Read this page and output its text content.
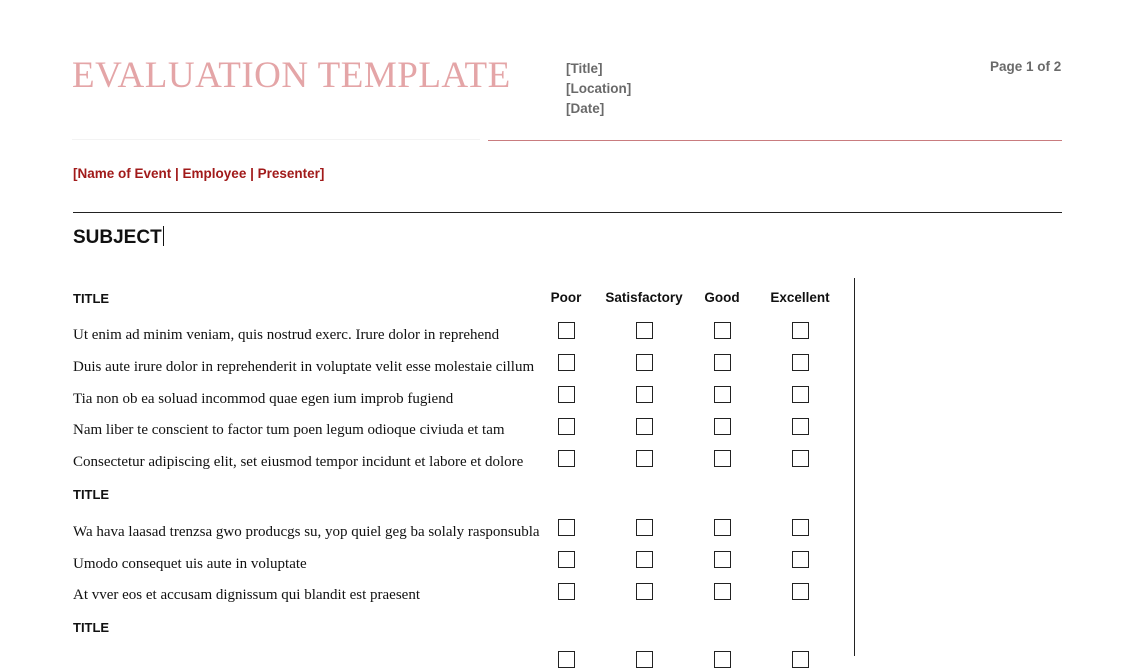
EVALUATION TEMPLATE	[Title]
[Location]
[Date]
Page 1 of 2
[Name of Event | Employee | Presenter]
SUBJECT
Poor Satisfactory Good Excellent
TITLE
Ut enim ad minim veniam, quis nostrud exerc. Irure dolor in reprehend
Duis aute irure dolor in reprehenderit in voluptate velit esse molestaie cillum
Tia non ob ea soluad incommod quae egen ium improb fugiend
Nam liber te conscient to factor tum poen legum odioque civiuda et tam
Consectetur adipiscing elit, set eiusmod tempor incidunt et labore et dolore
TITLE
Wa hava laasad trenzsa gwo producgs su, yop quiel geg ba solaly rasponsubla
Umodo consequet uis aute in voluptate
At vver eos et accusam dignissum qui blandit est praesent
TITLE
